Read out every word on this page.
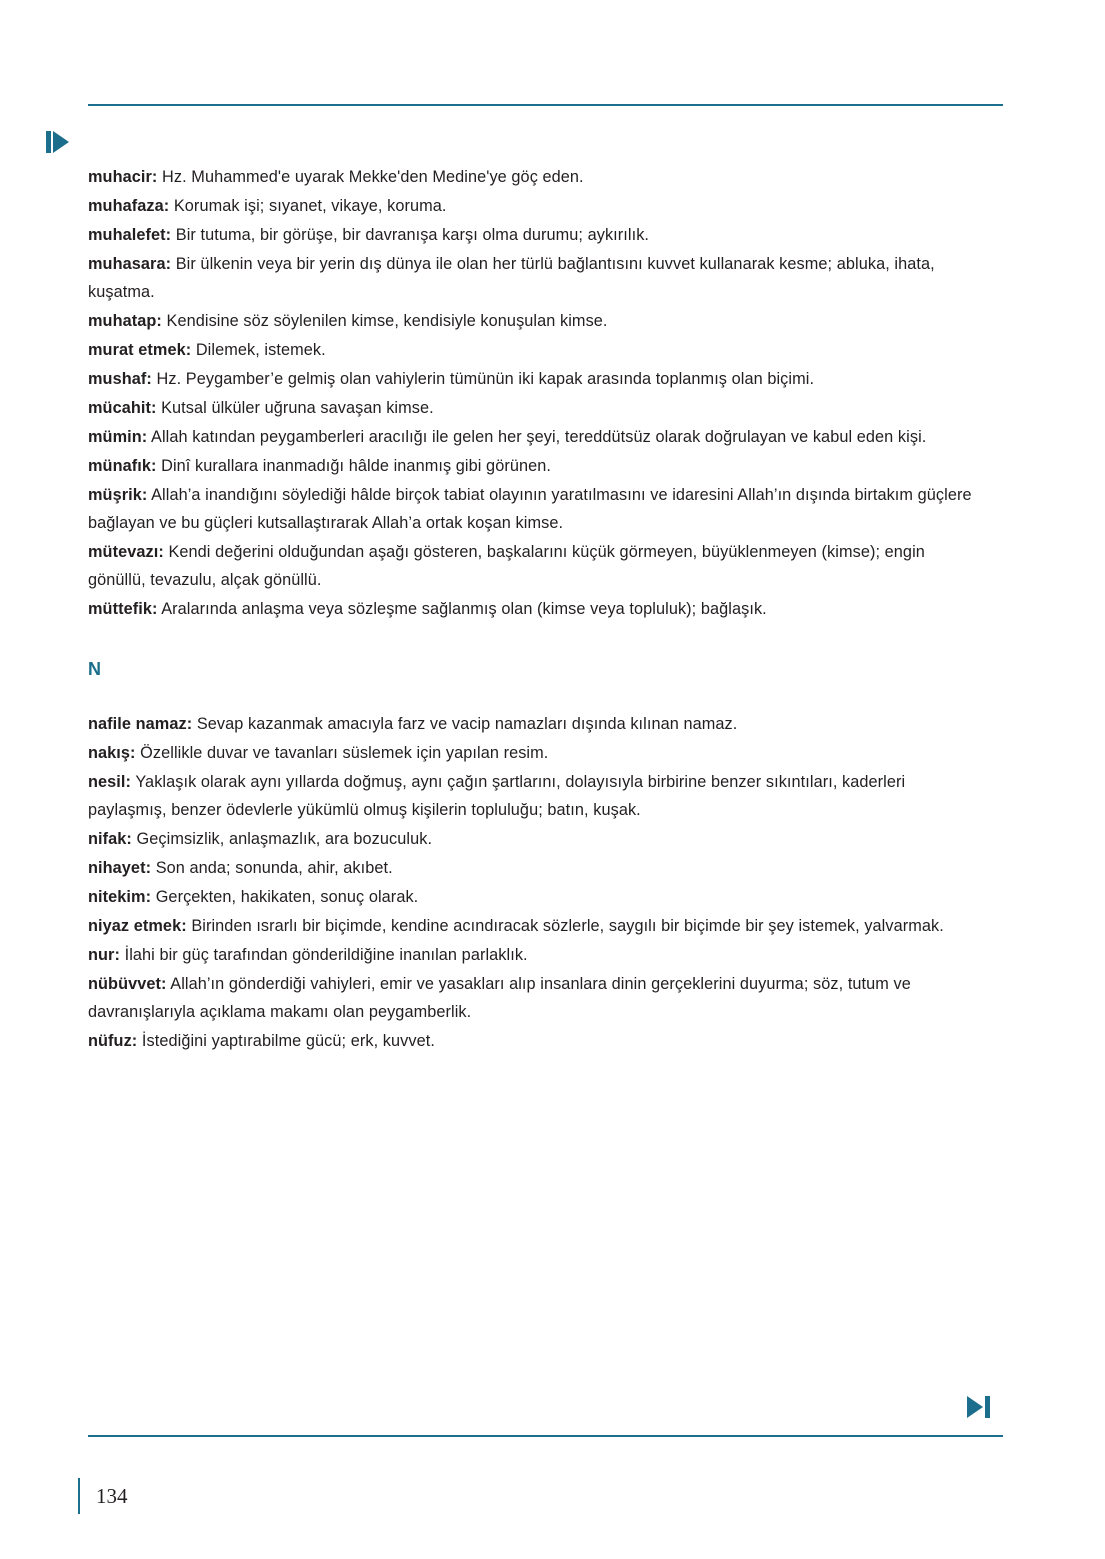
muhacir: Hz. Muhammed'e uyarak Mekke'den Medine'ye göç eden.

muhafaza: Korumak işi; sıyanet, vikaye, koruma.

muhalefet: Bir tutuma, bir görüşe, bir davranışa karşı olma durumu; aykırılık.

muhasara: Bir ülkenin veya bir yerin dış dünya ile olan her türlü bağlantısını kuvvet kullanarak kesme; abluka, ihata, kuşatma.

muhatap: Kendisine söz söylenilen kimse, kendisiyle konuşulan kimse.

murat etmek: Dilemek, istemek.

mushaf: Hz. Peygamber’e gelmiş olan vahiylerin tümünün iki kapak arasında toplanmış olan biçimi.

mücahit: Kutsal ülküler uğruna savaşan kimse.

mümin: Allah katından peygamberleri aracılığı ile gelen her şeyi, tereddütsüz olarak doğrulayan ve kabul eden kişi.

münafık: Dinî kurallara inanmadığı hâlde inanmış gibi görünen.

müşrik: Allah’a inandığını söylediği hâlde birçok tabiat olayının yaratılmasını ve idaresini Allah’ın dışında birtakım güçlere bağlayan ve bu güçleri kutsallaştırarak Allah’a ortak koşan kimse.

mütevazı: Kendi değerini olduğundan aşağı gösteren, başkalarını küçük görmeyen, büyüklenmeyen (kimse); engin gönüllü, tevazulu, alçak gönüllü.

müttefik: Aralarında anlaşma veya sözleşme sağlanmış olan (kimse veya topluluk); bağlaşık.

N

nafile namaz: Sevap kazanmak amacıyla farz ve vacip namazları dışında kılınan namaz.

nakış: Özellikle duvar ve tavanları süslemek için yapılan resim.

nesil: Yaklaşık olarak aynı yıllarda doğmuş, aynı çağın şartlarını, dolayısıyla birbirine benzer sıkıntıları, kaderleri paylaşmış, benzer ödevlerle yükümlü olmuş kişilerin topluluğu; batın, kuşak.

nifak: Geçimsizlik, anlaşmazlık, ara bozuculuk.

nihayet: Son anda; sonunda, ahir, akıbet.

nitekim: Gerçekten, hakikaten, sonuç olarak.

niyaz etmek: Birinden ısrarlı bir biçimde, kendine acındıracak sözlerle, saygılı bir biçimde bir şey istemek, yalvarmak.

nur: İlahi bir güç tarafından gönderildiğine inanılan parlaklık.

nübüvvet: Allah’ın gönderdiği vahiyleri, emir ve yasakları alıp insanlara dinin gerçeklerini duyurma; söz, tutum ve davranışlarıyla açıklama makamı olan peygamberlik.

nüfuz: İstediğini yaptırabilme gücü; erk, kuvvet.

134
